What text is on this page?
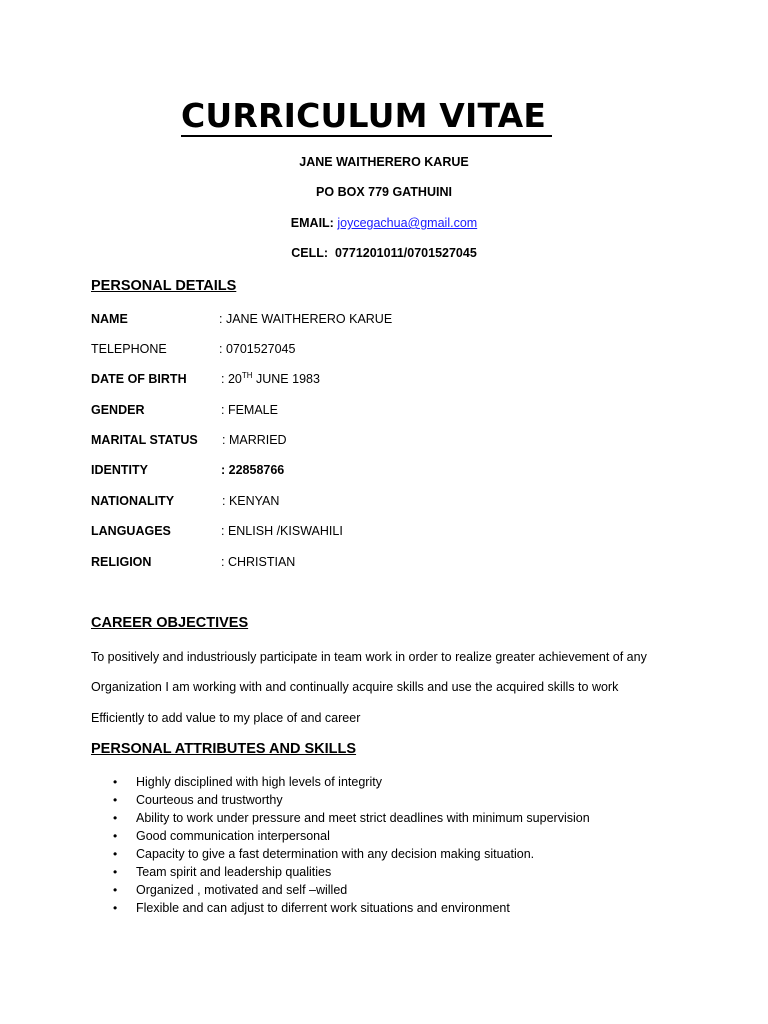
CURRICULUM VITAE
JANE WAITHERERO KARUE
PO BOX 779 GATHUINI
EMAIL: joycegachua@gmail.com
CELL: 0771201011/0701527045
PERSONAL DETAILS
NAME	: JANE WAITHERERO KARUE
TELEPHONE	: 0701527045
DATE OF BIRTH	: 20TH JUNE 1983
GENDER	: FEMALE
MARITAL STATUS : MARRIED
IDENTITY	: 22858766
NATIONALITY	: KENYAN
LANGUAGES	: ENLISH /KISWAHILI
RELIGION	: CHRISTIAN
CAREER OBJECTIVES

To positively and industriously participate in team work in order to realize greater achievement of any

Organization I am working with and continually acquire skills and use the acquired skills to work

Efficiently to add value to my place of and career

PERSONAL ATTRIBUTES AND SKILLS
• Highly disciplined with high levels of integrity
• Courteous and trustworthy
• Ability to work under pressure and meet strict deadlines with minimum supervision
• Good communication interpersonal
• Capacity to give a fast determination with any decision making situation.
• Team spirit and leadership qualities
• Organized , motivated and self –willed
• Flexible and can adjust to diferrent work situations and environment
